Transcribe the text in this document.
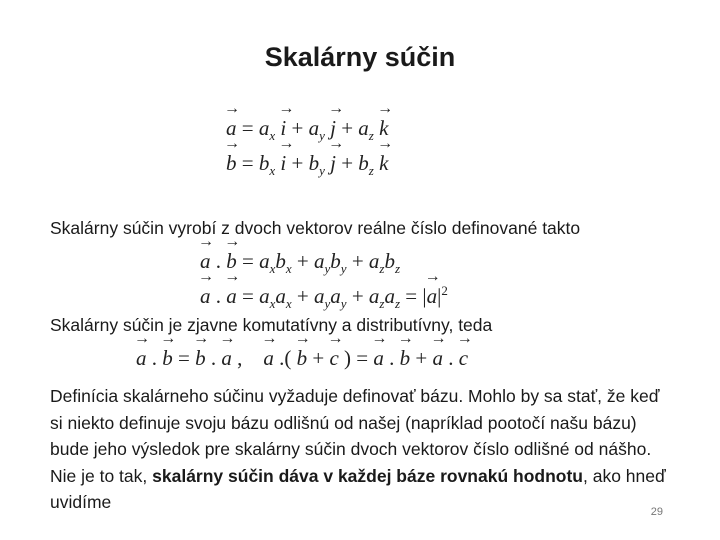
Skalárny súčin
→ $a = a_x \to i + a_y \to j + a_z \to k$
→ $b = b_x \to i + b_y \to j + b_z \to k$
Skalárny súčin vyrobí z dvoch vektorov reálne číslo definované takto
→ a . → $b = a_xb_x + a_yb_y + a_zb_z$
→ a . → $a = a_xa_x + a_ya_y + a_za_z$ = |→ $a|^2$
Skalárny súčin je zjavne komutatívny a distributívny, teda
→ a . → b = → b . → a ,    → a .( → b + → c ) = → a . → b + → a . → c
Definícia skalárneho súčinu vyžaduje definovať bázu. Mohlo by sa stať, že keď si niekto definuje svoju bázu odlišnú od našej (napríklad pootočí našu bázu) bude jeho výsledok pre skalárny súčin dvoch vektorov číslo odlišné od nášho. Nie je to tak, skalárny súčin dáva v každej báze rovnakú hodnotu, ako hneď uvidíme	29
